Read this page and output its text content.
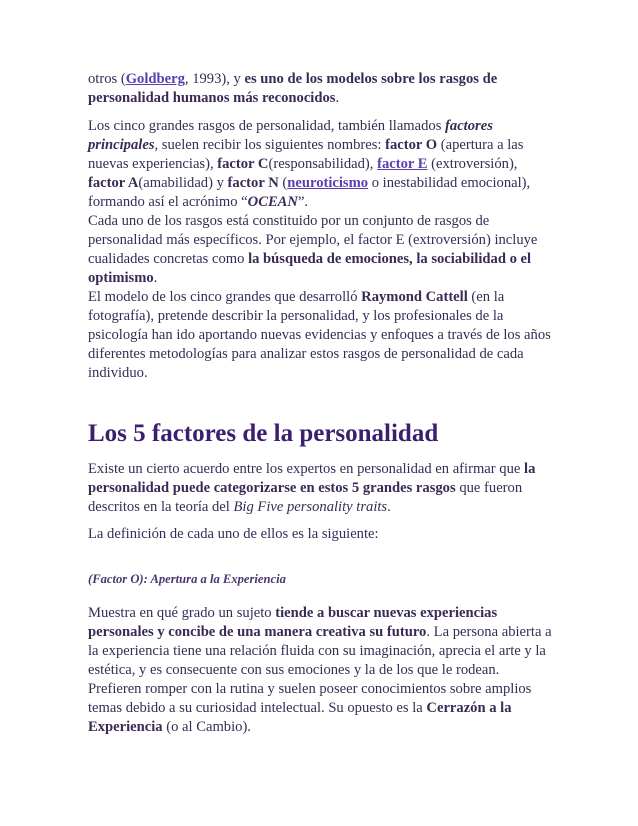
otros (Goldberg, 1993), y es uno de los modelos sobre los rasgos de personalidad humanos más reconocidos.

Los cinco grandes rasgos de personalidad, también llamados factores principales, suelen recibir los siguientes nombres: factor O (apertura a las nuevas experiencias), factor C(responsabilidad), factor E (extroversión), factor A(amabilidad) y factor N (neuroticismo o inestabilidad emocional), formando así el acrónimo “OCEAN”.

Cada uno de los rasgos está constituido por un conjunto de rasgos de personalidad más específicos. Por ejemplo, el factor E (extroversión) incluye cualidades concretas como la búsqueda de emociones, la sociabilidad o el optimismo.

El modelo de los cinco grandes que desarrolló Raymond Cattell (en la fotografía), pretende describir la personalidad, y los profesionales de la psicología han ido aportando nuevas evidencias y enfoques a través de los años diferentes metodologías para analizar estos rasgos de personalidad de cada individuo.

Los 5 factores de la personalidad

Existe un cierto acuerdo entre los expertos en personalidad en afirmar que la personalidad puede categorizarse en estos 5 grandes rasgos que fueron descritos en la teoría del Big Five personality traits.

La definición de cada uno de ellos es la siguiente:

(Factor O): Apertura a la Experiencia

Muestra en qué grado un sujeto tiende a buscar nuevas experiencias personales y concibe de una manera creativa su futuro. La persona abierta a la experiencia tiene una relación fluida con su imaginación, aprecia el arte y la estética, y es consecuente con sus emociones y la de los que le rodean. Prefieren romper con la rutina y suelen poseer conocimientos sobre amplios temas debido a su curiosidad intelectual. Su opuesto es la Cerrazón a la Experiencia (o al Cambio).
